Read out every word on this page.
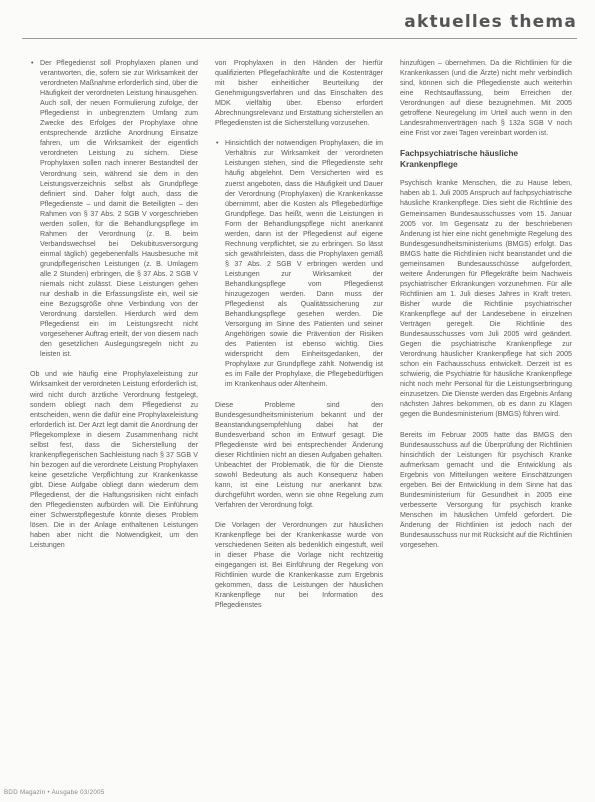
aktuelles thema
• Der Pflegedienst soll Prophylaxen planen und verantworten, die, sofern sie zur Wirksamkeit der verordneten Maßnahme erforderlich sind, über die Häufigkeit der verordneten Leistung hinausgehen. Auch soll, der neuen Formulierung zufolge, der Pflegedienst in unbegrenztem Umfang zum Zwecke des Erfolges der Prophylaxe ohne entsprechende ärztliche Anordnung Einsatze fahren, um die Wirksamkeit der eigentlich verordneten Leistung zu sichern. Diese Prophylaxen sollen nach innerer Bestandteil der Verordnung sein, während sie dem in den Leistungsverzeichnis selbst als Grundpflege definiert sind. Daher folgt auch, dass die Pflegedienste – und damit die Beteiligten – den Rahmen von § 37 Abs. 2 SGB V vorgeschrieben werden sollen, für die Behandlungspflege im Rahmen der Verordnung (z. B. beim Verbandswechsel bei Dekubitusversorgung einmal täglich) gegebenenfalls Hausbesuche mit grundpflegerischen Leistungen (z. B. Umlagern alle 2 Stunden) erbringen, die § 37 Abs. 2 SGB V niemals nicht zulässt. Diese Leistungen gehen nur deshalb in die Erfassungsliste ein, weil sie eine Bezugsgröße ohne Verbindung von der Verordnung darstellen. Hierdurch wird dem Pflegedienst ein im Leistungsrecht nicht vorgesehener Auftrag erteilt, der von diesem nach den gesetzlichen Auslegungsregeln nicht zu leisten ist.

Ob und wie häufig eine Prophylaxeleistung zur Wirksamkeit der verordneten Leistung erforderlich ist, wird nicht durch ärztliche Verordnung festgelegt, sondern obliegt nach dem Pflegedienst zu entscheiden, wenn die dafür eine Prophylaxeleistung erforderlich ist. Der Arzt legt damit die Anordnung der Pflegekomplexe in diesem Zusammenhang nicht selbst fest, dass die Sicherstellung der krankenpflegerischen Sachleistung nach § 37 SGB V hin bezogen auf die verordnete Leistung Prophylaxen keine gesetzliche Verpflichtung zur Krankenkasse gibt. Diese Aufgabe obliegt dann wiederum dem Pflegedienst, der die Haftungsrisiken nicht einfach den Pflegediensten aufbürden will. Die Einführung einer Schwerstpflegestufe könnte dieses Problem lösen. Die in der Anlage enthaltenen Leistungen haben aber nicht die Notwendigkeit, um den Leistungen

von Prophylaxen in den Händen der hierfür qualifizierten Pflegefachkräfte und die Kostenträger mit bisher einheitlicher Beurteilung der Genehmigungsverfahren und das Einschalten des MDK vielfältig über. Ebenso erfordert Abrechnungsrelevanz und Erstattung sicherstellen an Pflegediensten ist die Sicherstellung vorzusehen.

• Hinsichtlich der notwendigen Prophylaxen, die im Verhältnis zur Wirksamkeit der verordneten Leistungen stehen, sind die Pflegedienste sehr häufig abgelehnt. Dem Versicherten wird es zuerst angeboten, dass die Häufigkeit und Dauer der Verordnung (Prophylaxen) die Krankenkasse übernimmt, aber die Kosten als Pflegebedürftige Grundpflege. Das heißt, wenn die Leistungen in Form der Behandlungspflege nicht anerkannt werden, dann ist der Pflegedienst auf eigene Rechnung verpflichtet, sie zu erbringen. So lässt sich gewährleisten, dass die Prophylaxen gemäß § 37 Abs. 2 SGB V erbringen werden und Leistungen zur Wirksamkeit der Behandlungspflege vom Pflegedienst hinzugezogen werden. Dann muss der Pflegedienst als Qualitätssicherung zur Behandlungspflege gesehen werden. Die Versorgung im Sinne des Patienten und seiner Angehörigen sowie die Prävention der Risiken des Patienten ist ebenso wichtig. Dies widerspricht dem Einheitsgedanken, der Prophylaxe zur Grundpflege zählt. Notwendig ist es im Falle der Prophylaxe, die Pflegebedürftigen im Krankenhaus oder Altenheim.

Diese Probleme sind den Bundesgesundheitsministerium bekannt und der Beanstandungsempfehlung dabei hat der Bundesverband schon im Entwurf gesagt. Die Pflegedienste wird bei entsprechender Änderung dieser Richtlinien nicht an diesen Aufgaben gehalten. Unbeachtet der Problematik, die für die Dienste sowohl Bedeutung als auch Konsequenz haben kann, ist eine Leistung nur anerkannt bzw. durchgeführt worden, wenn sie ohne Regelung zum Verfahren der Verordnung folgt.

Die Vorlagen der Verordnungen zur häuslichen Krankenpflege bei der Krankenkasse wurde von verschiedenen Seiten als bedenklich eingestuft, weil in dieser Phase die Vorlage nicht rechtzeitig eingegangen ist. Bei Einführung der Regelung von Richtlinien wurde die Krankenkasse zum Ergebnis gekommen, dass die Leistungen der häuslichen Krankenpflege nur bei Information des Pflegedienstes

hinzufügen – übernehmen. Da die Richtlinien für die Krankenkassen (und die Ärzte) nicht mehr verbindlich sind, können sich die Pflegedienste auch weiterhin eine Rechtsauffassung, beim Erreichen der Verordnungen auf diese bezugnehmen. Mit 2005 getroffene Neuregelung im Urteil auch wenn in den Landesrahmenverträgen nach § 132a SGB V noch eine Frist vor zwei Tagen vereinbart worden ist.

Fachpsychiatrische häusliche Krankenpflege

Psychisch kranke Menschen, die zu Hause leben, haben ab 1. Juli 2005 Anspruch auf fachpsychiatrische häusliche Krankenpflege. Dies sieht die Richtlinie des Gemeinsamen Bundesausschusses vom 15. Januar 2005 vor. Im Gegensatz zu der beschriebenen Änderung ist hier eine nicht genehmigte Regelung des Bundesgesundheitsministeriums (BMGS) erfolgt. Das BMGS hatte die Richtlinien nicht beanstandet und die gemeinsamen Bundesausschüsse aufgefordert, weitere Änderungen für Pflegekräfte beim Nachweis psychiatrischer Erkrankungen vorzunehmen. Für alle Richtlinien am 1. Juli dieses Jahres in Kraft treten. Bisher wurde die Richtlinie psychiatrischer Krankenpflege auf der Landesebene in einzelnen Verträgen geregelt. Die Richtlinie des Bundesausschusses vom Juli 2005 wird geändert. Gegen die psychiatrische Krankenpflege zur Verordnung häuslicher Krankenpflege hat sich 2005 schon ein Fachausschuss entwickelt. Derzeit ist es schwierig, die Psychiatrie für häusliche Krankenpflege nicht noch mehr Personal für die Leistungserbringung einzusetzen. Die Dienste werden das Ergebnis Anfang nächsten Jahres bekommen, ob es dann zu Klagen gegen die Bundesministerium (BMGS) führen wird.

Bereits im Februar 2005 hatte das BMGS den Bundesausschuss auf die Überprüfung der Richtlinien hinsichtlich der Leistungen für psychisch Kranke aufmerksam gemacht und die Entwicklung als Ergebnis von Mitteilungen weitere Einschätzungen ergeben. Bei der Entwicklung in dem Sinne hat das Bundesministerium für Gesundheit in 2005 eine verbesserte Versorgung für psychisch kranke Menschen im häuslichen Umfeld gefordert. Die Änderung der Richtlinien ist jedoch nach der Bundesausschuss nur mit Rücksicht auf die Richtlinien vorgesehen.

BDD Magazin • Ausgabe 03/2005
